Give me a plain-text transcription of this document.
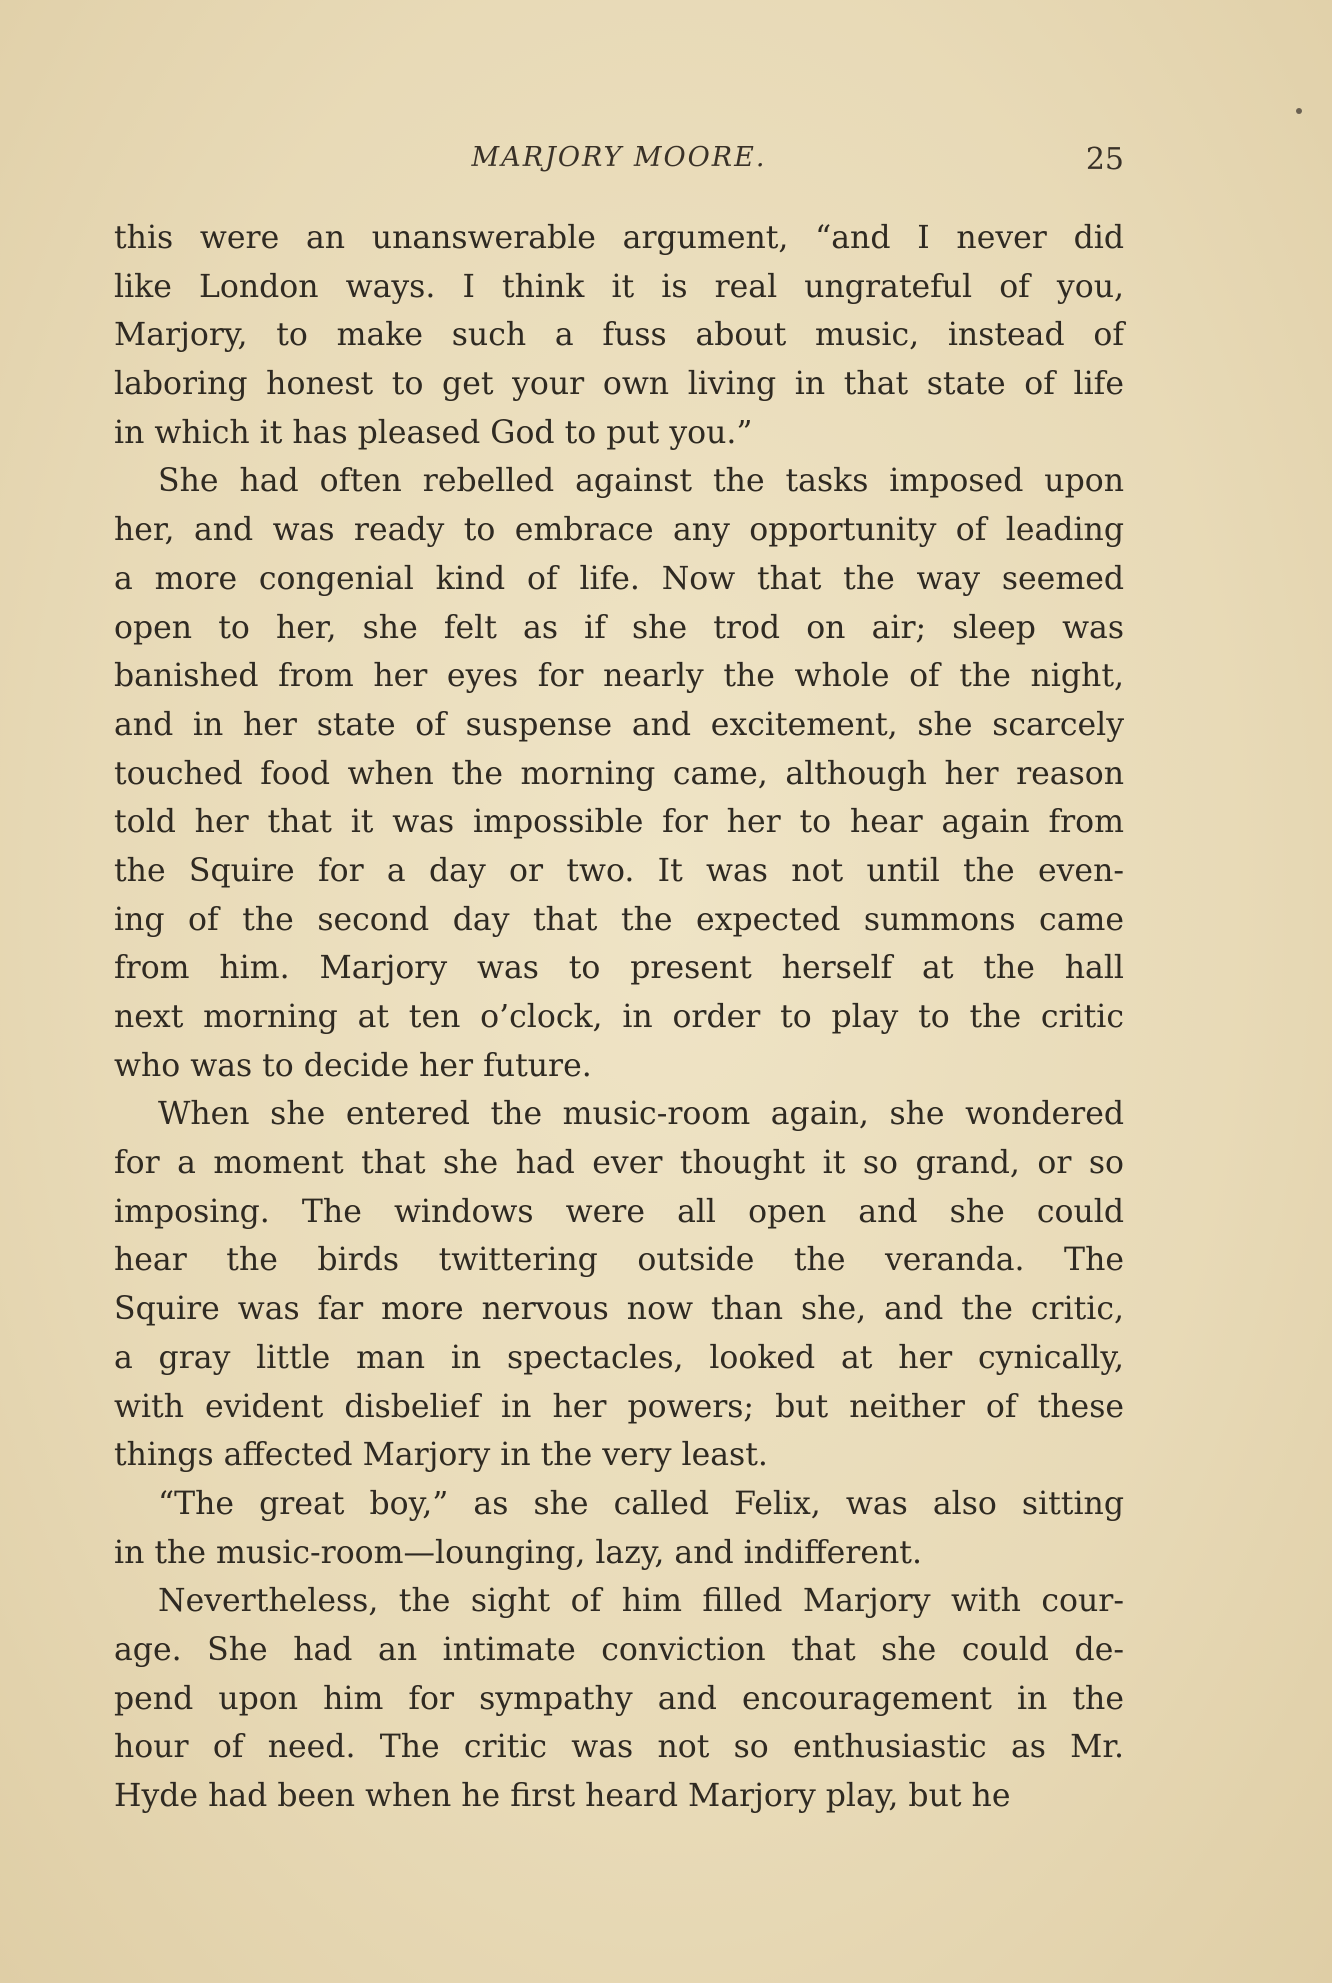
MARJORY MOORE.	25
this were an unanswerable argument, “and I never did
like London ways. I think it is real ungrateful of you,
Marjory, to make such a fuss about music, instead of
laboring honest to get your own living in that state of life
in which it has pleased God to put you.”
She had often rebelled against the tasks imposed upon
her, and was ready to embrace any opportunity of leading
a more congenial kind of life. Now that the way seemed
open to her, she felt as if she trod on air; sleep was
banished from her eyes for nearly the whole of the night,
and in her state of suspense and excitement, she scarcely
touched food when the morning came, although her reason
told her that it was impossible for her to hear again from
the Squire for a day or two. It was not until the even-
ing of the second day that the expected summons came
from him. Marjory was to present herself at the hall
next morning at ten o’clock, in order to play to the critic
who was to decide her future.
When she entered the music-room again, she wondered
for a moment that she had ever thought it so grand, or so
imposing. The windows were all open and she could
hear the birds twittering outside the veranda. The
Squire was far more nervous now than she, and the critic,
a gray little man in spectacles, looked at her cynically,
with evident disbelief in her powers; but neither of these
things affected Marjory in the very least.
“The great boy,” as she called Felix, was also sitting
in the music-room—lounging, lazy, and indifferent.
Nevertheless, the sight of him filled Marjory with cour-
age. She had an intimate conviction that she could de-
pend upon him for sympathy and encouragement in the
hour of need. The critic was not so enthusiastic as Mr.
Hyde had been when he first heard Marjory play, but he
